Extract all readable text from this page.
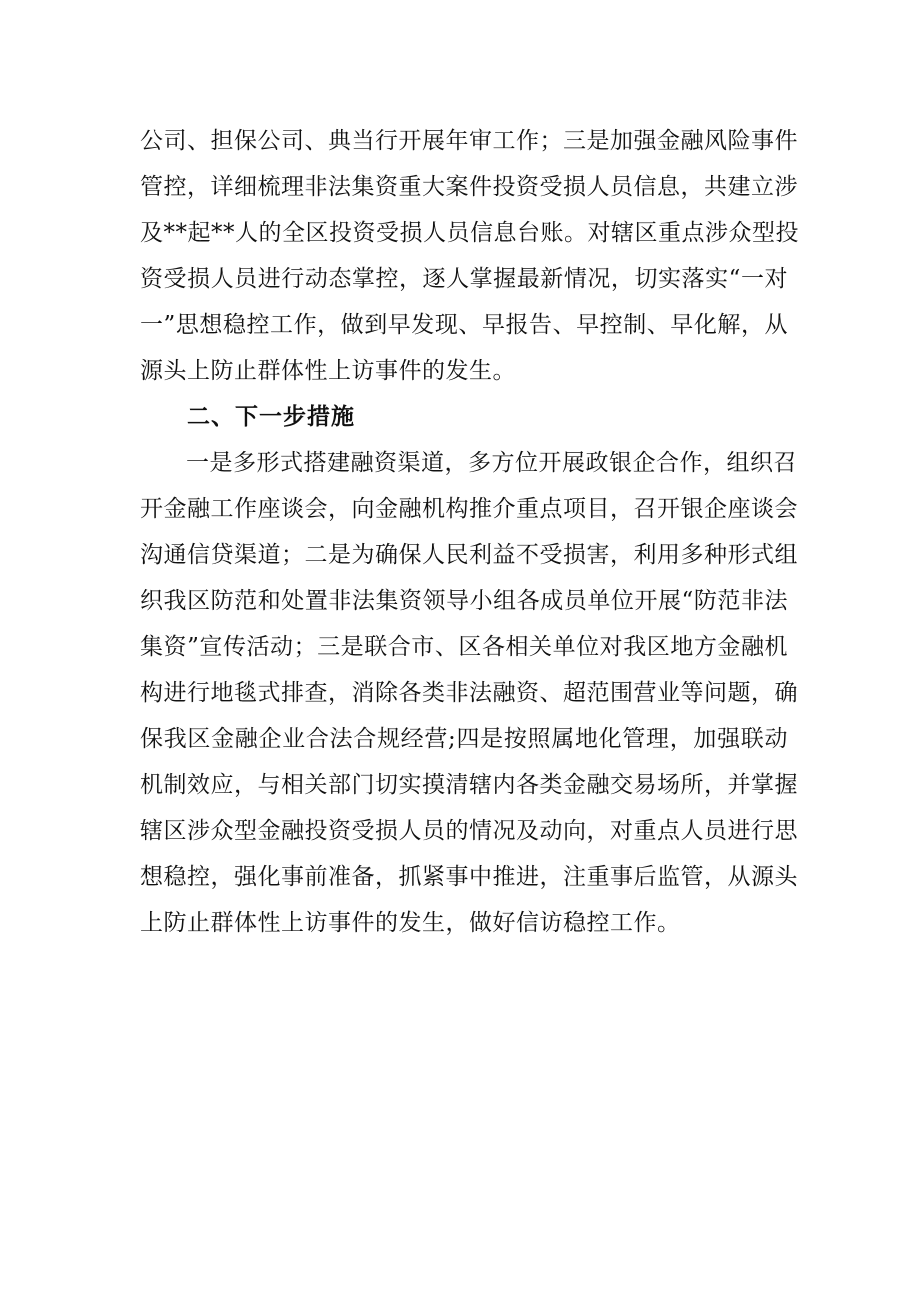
公司、担保公司、典当行开展年审工作；三是加强金融风险事件
管控，详细梳理非法集资重大案件投资受损人员信息，共建立涉
及**起**人的全区投资受损人员信息台账。对辖区重点涉众型投
资受损人员进行动态掌控，逐人掌握最新情况，切实落实“一对
一”思想稳控工作，做到早发现、早报告、早控制、早化解，从
源头上防止群体性上访事件的发生。
二、下一步措施
一是多形式搭建融资渠道，多方位开展政银企合作，组织召
开金融工作座谈会，向金融机构推介重点项目，召开银企座谈会
沟通信贷渠道；二是为确保人民利益不受损害，利用多种形式组
织我区防范和处置非法集资领导小组各成员单位开展“防范非法
集资”宣传活动；三是联合市、区各相关单位对我区地方金融机
构进行地毯式排查，消除各类非法融资、超范围营业等问题，确
保我区金融企业合法合规经营;四是按照属地化管理，加强联动
机制效应，与相关部门切实摸清辖内各类金融交易场所，并掌握
辖区涉众型金融投资受损人员的情况及动向，对重点人员进行思
想稳控，强化事前准备，抓紧事中推进，注重事后监管，从源头
上防止群体性上访事件的发生，做好信访稳控工作。
